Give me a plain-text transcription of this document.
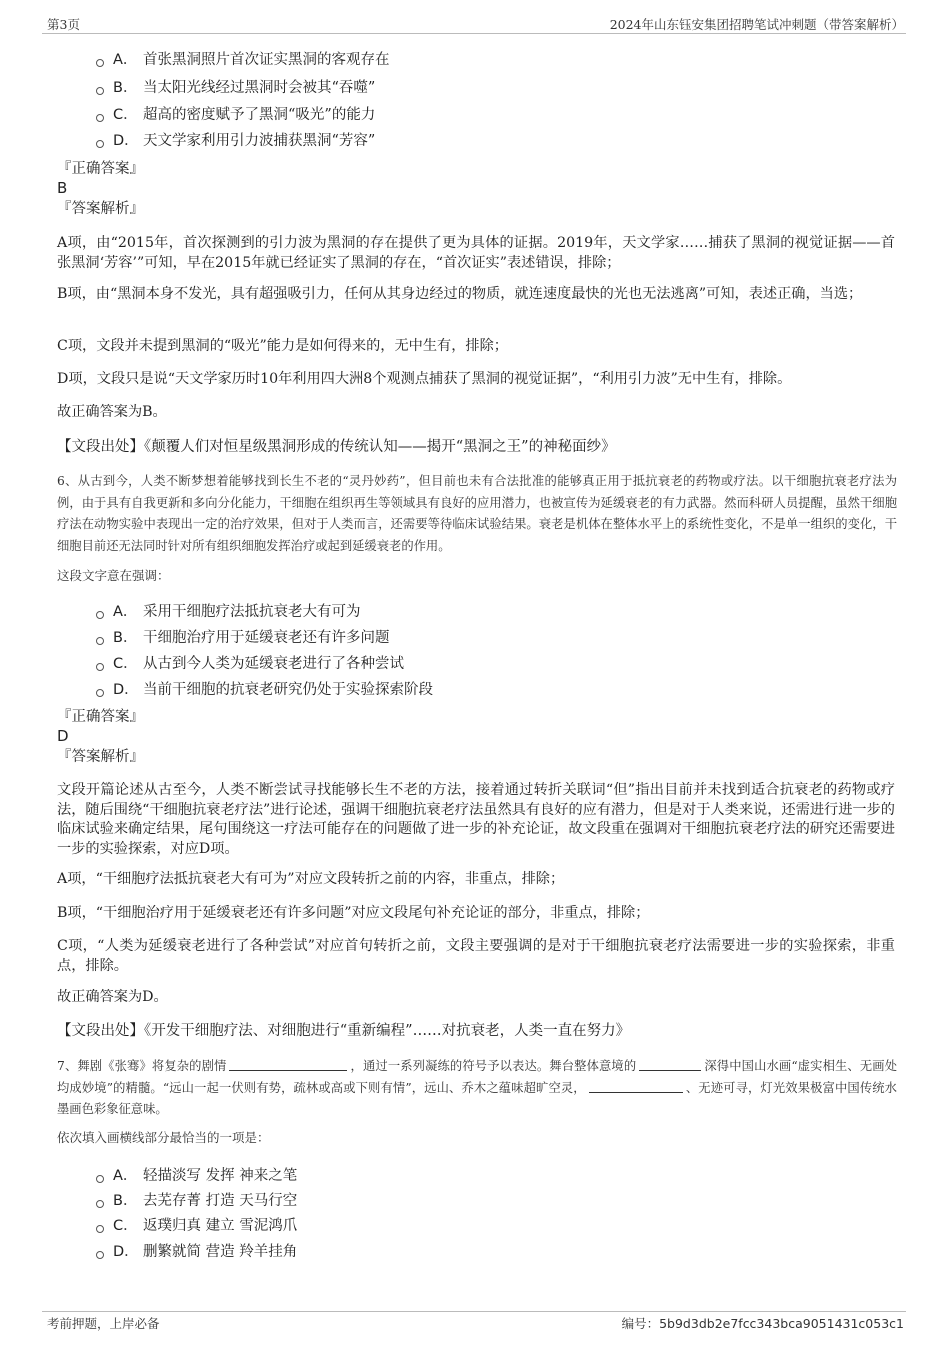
第3页	2024年山东钰安集团招聘笔试冲刺题（带答案解析）
A． 首张黑洞照片首次证实黑洞的客观存在
B． 当太阳光线经过黑洞时会被其“吞噬”
C． 超高的密度赋予了黑洞“吸光”的能力
D． 天文学家利用引力波捕获黑洞“芳容”
『正确答案』
B
『答案解析』
A项，由“2015年，首次探测到的引力波为黑洞的存在提供了更为具体的证据。2019年，天文学家……捕获了黑洞的视觉证据——首张黑洞‘芳容’”可知，早在2015年就已经证实了黑洞的存在，“首次证实”表述错误，排除；
B项，由“黑洞本身不发光，具有超强吸引力，任何从其身边经过的物质，就连速度最快的光也无法逃离”可知，表述正确，当选；
C项，文段并未提到黑洞的“吸光”能力是如何得来的，无中生有，排除；
D项，文段只是说“天文学家历时10年利用四大洲8个观测点捕获了黑洞的视觉证据”，“利用引力波”无中生有，排除。
故正确答案为B。
【文段出处】《颠覆人们对恒星级黑洞形成的传统认知——揭开“黑洞之王”的神秘面纱》
6、从古到今，人类不断梦想着能够找到长生不老的“灵丹妙药”，但目前也未有合法批准的能够真正用于抵抗衰老的药物或疗法。以干细胞抗衰老疗法为例，由于具有自我更新和多向分化能力，干细胞在组织再生等领域具有良好的应用潜力，也被宣传为延缓衰老的有力武器。然而科研人员提醒，虽然干细胞疗法在动物实验中表现出一定的治疗效果，但对于人类而言，还需要等待临床试验结果。衰老是机体在整体水平上的系统性变化，不是单一组织的变化，干细胞目前还无法同时针对所有组织细胞发挥治疗或起到延缓衰老的作用。
这段文字意在强调：
A． 采用干细胞疗法抵抗衰老大有可为
B． 干细胞治疗用于延缓衰老还有许多问题
C． 从古到今人类为延缓衰老进行了各种尝试
D． 当前干细胞的抗衰老研究仍处于实验探索阶段
『正确答案』
D
『答案解析』
文段开篇论述从古至今，人类不断尝试寻找能够长生不老的方法，接着通过转折关联词“但”指出目前并未找到适合抗衰老的药物或疗法，随后围绕“干细胞抗衰老疗法”进行论述，强调干细胞抗衰老疗法虽然具有良好的应有潜力，但是对于人类来说，还需进行进一步的临床试验来确定结果，尾句围绕这一疗法可能存在的问题做了进一步的补充论证，故文段重在强调对干细胞抗衰老疗法的研究还需要进一步的实验探索，对应D项。
A项，“干细胞疗法抵抗衰老大有可为”对应文段转折之前的内容，非重点，排除；
B项，“干细胞治疗用于延缓衰老还有许多问题”对应文段尾句补充论证的部分，非重点，排除；
C项，“人类为延缓衰老进行了各种尝试”对应首句转折之前，文段主要强调的是对于干细胞抗衰老疗法需要进一步的实验探索，非重点，排除。
故正确答案为D。
【文段出处】《开发干细胞疗法、对细胞进行“重新编程”……对抗衰老，人类一直在努力》
7、舞剧《张骞》将复杂的剧情	，通过一系列凝练的符号予以表达。舞台整体意境的	深得中国山水画“虚实相生、无画处均成妙境”的精髓。“远山一起一伏则有势，疏林或高或下则有情”，远山、乔木之蕴味超旷空灵，	、无迹可寻，灯光效果极富中国传统水墨画色彩象征意味。
依次填入画横线部分最恰当的一项是：
A． 轻描淡写 发挥 神来之笔
B． 去芜存菁 打造 天马行空
C． 返璞归真 建立 雪泥鸿爪
D． 删繁就简 营造 羚羊挂角
考前押题，上岸必备	编号：5b9d3db2e7fcc343bca9051431c053c1
